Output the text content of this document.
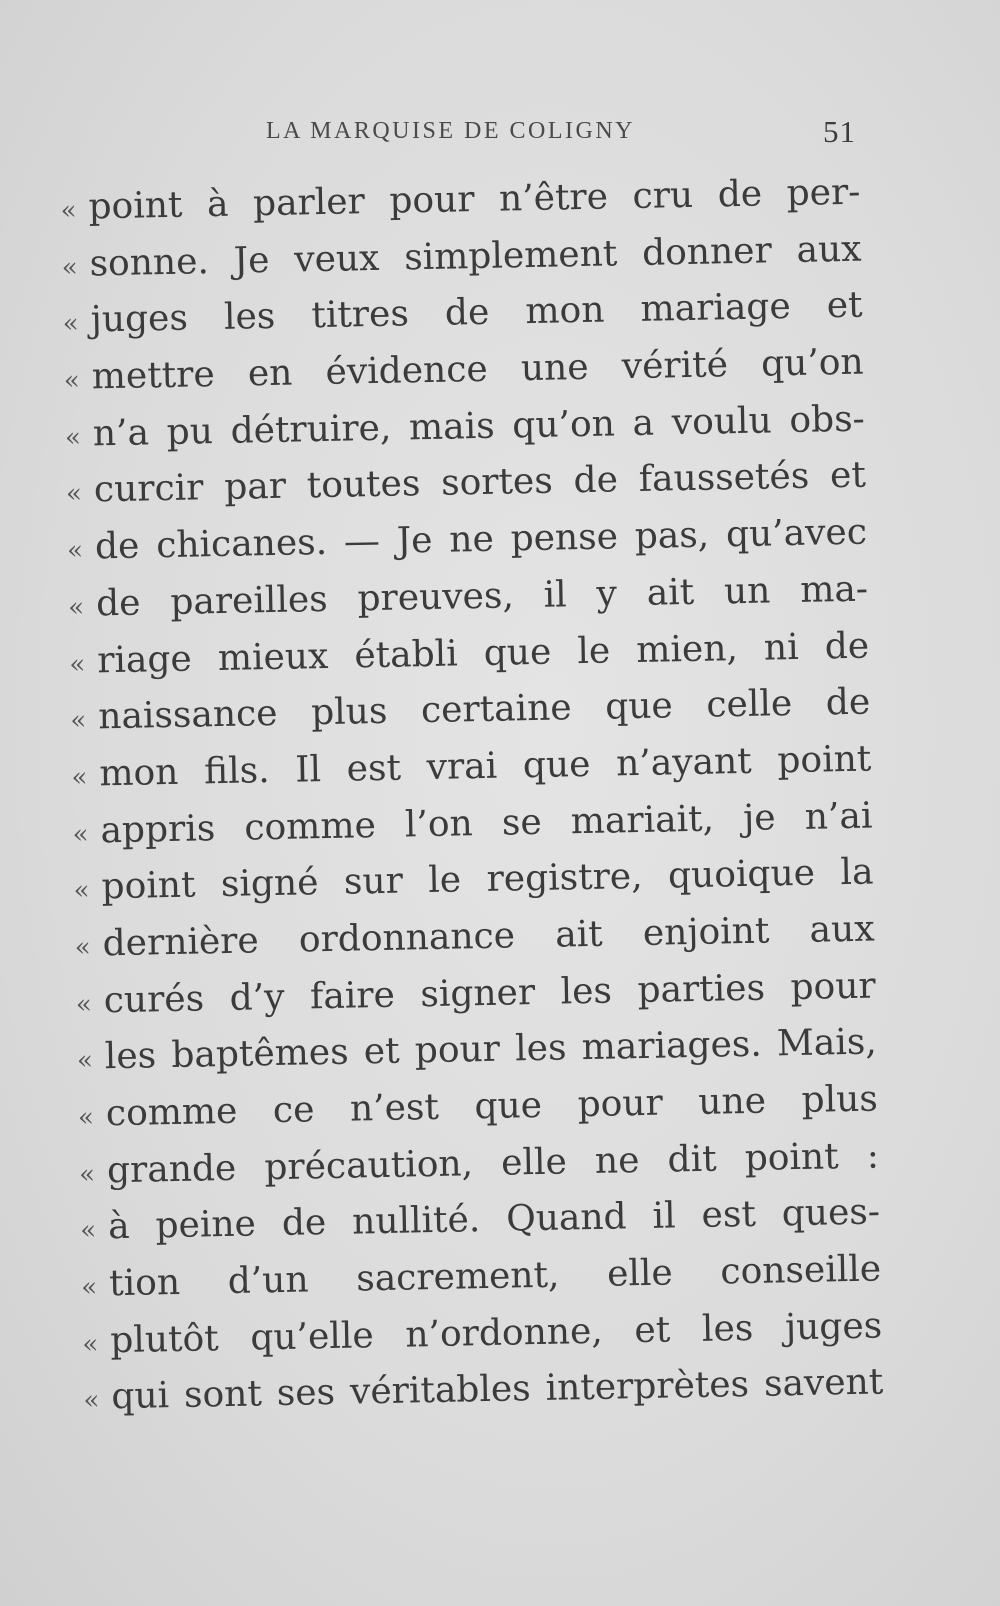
LA MARQUISE DE COLIGNY	51
« point à parler pour n’être cru de per-
« sonne. Je veux simplement donner aux
« juges les titres de mon mariage et
« mettre en évidence une vérité qu’on
« n’a pu détruire, mais qu’on a voulu obs-
« curcir par toutes sortes de faussetés et
« de chicanes. — Je ne pense pas, qu’avec
« de pareilles preuves, il y ait un ma-
« riage mieux établi que le mien, ni de
« naissance plus certaine que celle de
« mon fils. Il est vrai que n’ayant point
« appris comme l’on se mariait, je n’ai
« point signé sur le registre, quoique la
« dernière ordonnance ait enjoint aux
« curés d’y faire signer les parties pour
« les baptêmes et pour les mariages. Mais,
« comme ce n’est que pour une plus
« grande précaution, elle ne dit point :
« à peine de nullité. Quand il est ques-
« tion d’un sacrement, elle conseille
« plutôt qu’elle n’ordonne, et les juges
« qui sont ses véritables interprètes savent
